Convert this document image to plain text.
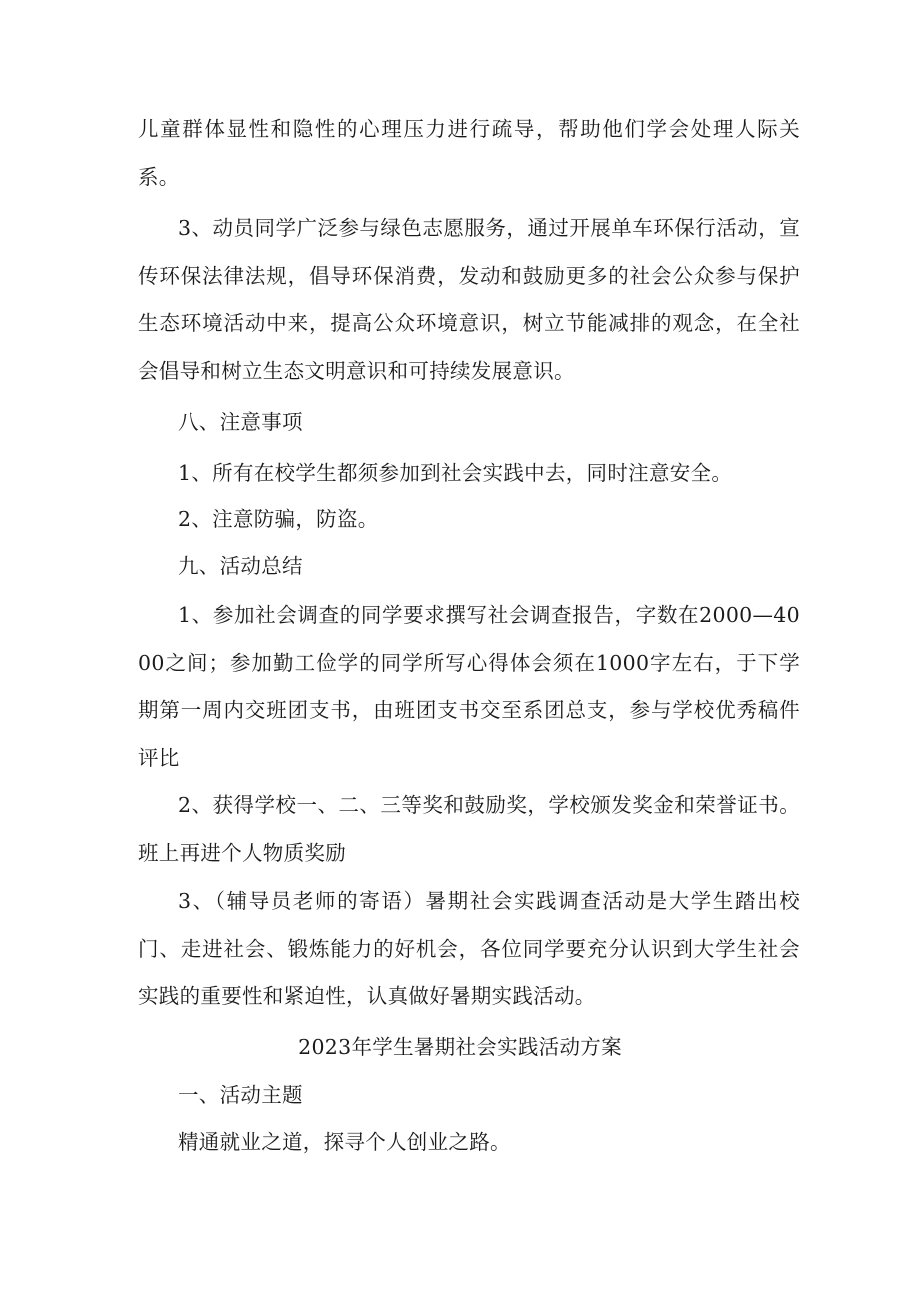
儿童群体显性和隐性的心理压力进行疏导，帮助他们学会处理人际关系。

3、动员同学广泛参与绿色志愿服务，通过开展单车环保行活动，宣传环保法律法规，倡导环保消费，发动和鼓励更多的社会公众参与保护生态环境活动中来，提高公众环境意识，树立节能减排的观念，在全社会倡导和树立生态文明意识和可持续发展意识。

八、注意事项

1、所有在校学生都须参加到社会实践中去，同时注意安全。

2、注意防骗，防盗。

九、活动总结

1、参加社会调查的同学要求撰写社会调查报告，字数在2000—4000之间；参加勤工俭学的同学所写心得体会须在1000字左右，于下学期第一周内交班团支书，由班团支书交至系团总支，参与学校优秀稿件评比

2、获得学校一、二、三等奖和鼓励奖，学校颁发奖金和荣誉证书。班上再进个人物质奖励

3、（辅导员老师的寄语）暑期社会实践调查活动是大学生踏出校门、走进社会、锻炼能力的好机会，各位同学要充分认识到大学生社会实践的重要性和紧迫性，认真做好暑期实践活动。

2023年学生暑期社会实践活动方案

一、活动主题

精通就业之道，探寻个人创业之路。
